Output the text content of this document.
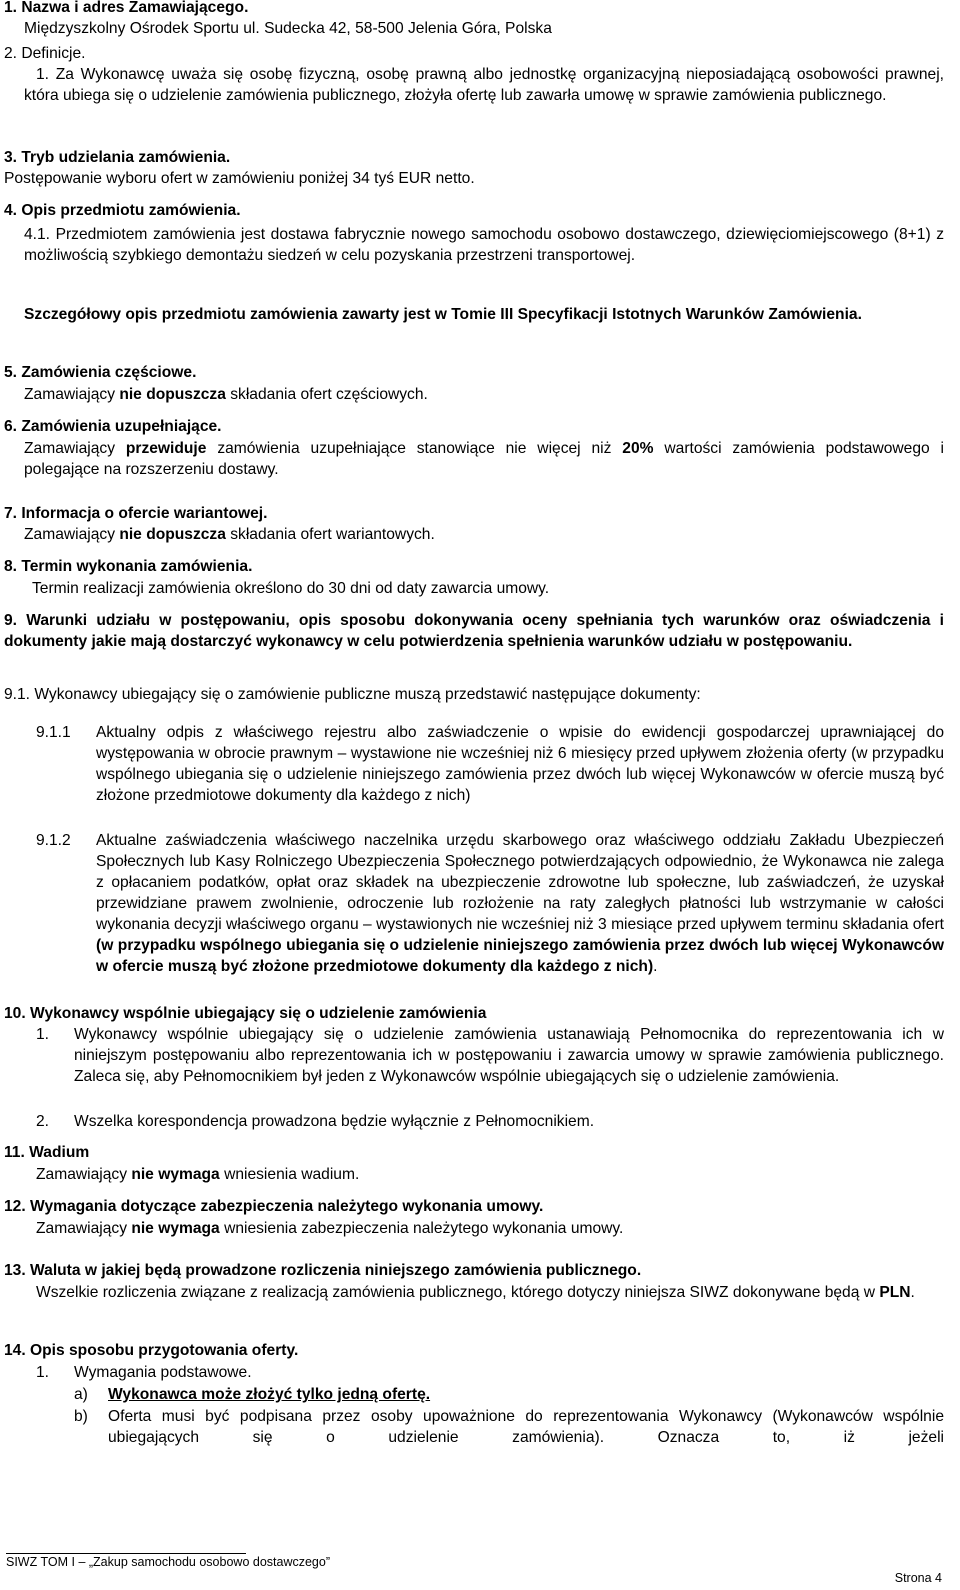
1. Nazwa i adres Zamawiającego.
Międzyszkolny Ośrodek Sportu ul. Sudecka 42, 58-500 Jelenia Góra, Polska
2. Definicje.
1. Za Wykonawcę uważa się osobę fizyczną, osobę prawną albo jednostkę organizacyjną nieposiadającą osobowości prawnej, która ubiega się o udzielenie zamówienia publicznego, złożyła ofertę lub zawarła umowę w sprawie zamówienia publicznego.
3. Tryb udzielania zamówienia.
Postępowanie wyboru ofert w zamówieniu poniżej 34 tyś EUR netto.
4. Opis przedmiotu zamówienia.
4.1. Przedmiotem zamówienia jest dostawa fabrycznie nowego samochodu osobowo dostawczego, dziewięciomiejscowego (8+1) z możliwością szybkiego demontażu siedzeń w celu pozyskania przestrzeni transportowej.
Szczegółowy opis przedmiotu zamówienia zawarty jest w Tomie III Specyfikacji Istotnych Warunków Zamówienia.
5. Zamówienia częściowe.
Zamawiający nie dopuszcza składania ofert częściowych.
6. Zamówienia uzupełniające.
Zamawiający przewiduje zamówienia uzupełniające stanowiące nie więcej niż 20% wartości zamówienia podstawowego i polegające na rozszerzeniu dostawy.
7. Informacja o ofercie wariantowej.
Zamawiający nie dopuszcza składania ofert wariantowych.
8. Termin wykonania zamówienia.
Termin realizacji zamówienia określono do 30 dni od daty zawarcia umowy.
9. Warunki udziału w postępowaniu, opis sposobu dokonywania oceny spełniania tych warunków oraz oświadczenia i dokumenty jakie mają dostarczyć wykonawcy w celu potwierdzenia spełnienia warunków udziału w postępowaniu.
9.1. Wykonawcy ubiegający się o zamówienie publiczne muszą przedstawić następujące dokumenty:
9.1.1 Aktualny odpis z właściwego rejestru albo zaświadczenie o wpisie do ewidencji gospodarczej uprawniającej do występowania w obrocie prawnym – wystawione nie wcześniej niż 6 miesięcy przed upływem złożenia oferty (w przypadku wspólnego ubiegania się o udzielenie niniejszego zamówienia przez dwóch lub więcej Wykonawców w ofercie muszą być złożone przedmiotowe dokumenty dla każdego z nich)
9.1.2 Aktualne zaświadczenia właściwego naczelnika urzędu skarbowego oraz właściwego oddziału Zakładu Ubezpieczeń Społecznych lub Kasy Rolniczego Ubezpieczenia Społecznego potwierdzających odpowiednio, że Wykonawca nie zalega z opłacaniem podatków, opłat oraz składek na ubezpieczenie zdrowotne lub społeczne, lub zaświadczeń, że uzyskał przewidziane prawem zwolnienie, odroczenie lub rozłożenie na raty zaległych płatności lub wstrzymanie w całości wykonania decyzji właściwego organu – wystawionych nie wcześniej niż 3 miesiące przed upływem terminu składania ofert (w przypadku wspólnego ubiegania się o udzielenie niniejszego zamówienia przez dwóch lub więcej Wykonawców w ofercie muszą być złożone przedmiotowe dokumenty dla każdego z nich).
10. Wykonawcy wspólnie ubiegający się o udzielenie zamówienia
1. Wykonawcy wspólnie ubiegający się o udzielenie zamówienia ustanawiają Pełnomocnika do reprezentowania ich w niniejszym postępowaniu albo reprezentowania ich w postępowaniu i zawarcia umowy w sprawie zamówienia publicznego. Zaleca się, aby Pełnomocnikiem był jeden z Wykonawców wspólnie ubiegających się o udzielenie zamówienia.
2. Wszelka korespondencja prowadzona będzie wyłącznie z Pełnomocnikiem.
11. Wadium
Zamawiający nie wymaga wniesienia wadium.
12. Wymagania dotyczące zabezpieczenia należytego wykonania umowy.
Zamawiający nie wymaga wniesienia zabezpieczenia należytego wykonania umowy.
13. Waluta w jakiej będą prowadzone rozliczenia niniejszego zamówienia publicznego.
Wszelkie rozliczenia związane z realizacją zamówienia publicznego, którego dotyczy niniejsza SIWZ dokonywane będą w PLN.
14. Opis sposobu przygotowania oferty.
1. Wymagania podstawowe.
a) Wykonawca może złożyć tylko jedną ofertę.
b) Oferta musi być podpisana przez osoby upoważnione do reprezentowania Wykonawcy (Wykonawców wspólnie ubiegających się o udzielenie zamówienia). Oznacza to, iż jeżeli
SIWZ TOM I – „Zakup samochodu osobowo dostawczego”
Strona 4
